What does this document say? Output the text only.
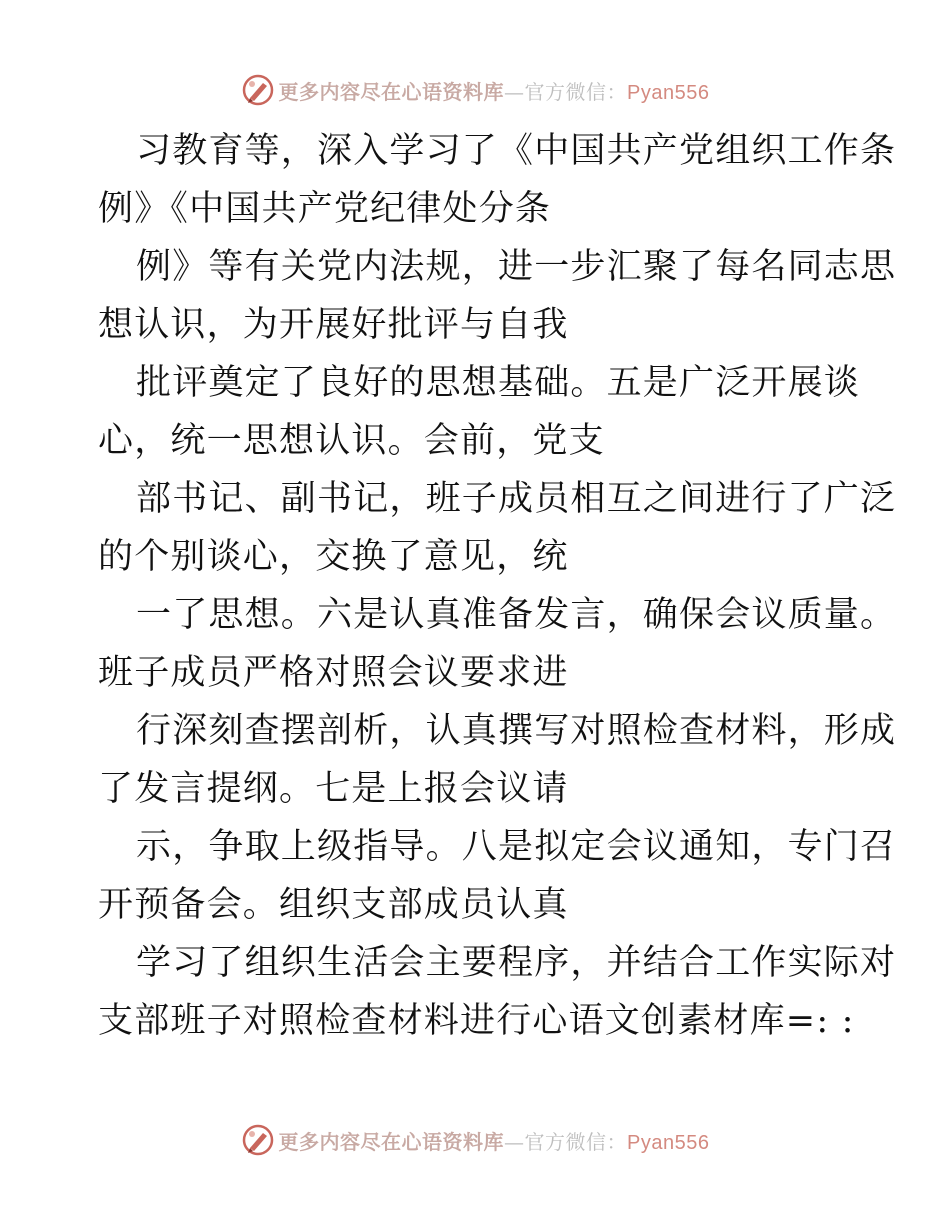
更多内容尽在心语资料库—官方微信：Pyan556
习教育等，深入学习了《中国共产党组织工作条
例》《中国共产党纪律处分条
例》等有关党内法规，进一步汇聚了每名同志思
想认识，为开展好批评与自我
批评奠定了良好的思想基础。五是广泛开展谈
心，统一思想认识。会前，党支
部书记、副书记，班子成员相互之间进行了广泛
的个别谈心，交换了意见，统
一了思想。六是认真准备发言，确保会议质量。
班子成员严格对照会议要求进
行深刻查摆剖析，认真撰写对照检查材料，形成
了发言提纲。七是上报会议请
示，争取上级指导。八是拟定会议通知，专门召
开预备会。组织支部成员认真
学习了组织生活会主要程序，并结合工作实际对
支部班子对照检查材料进行心语文创素材库=: :
更多内容尽在心语资料库—官方微信：Pyan556
